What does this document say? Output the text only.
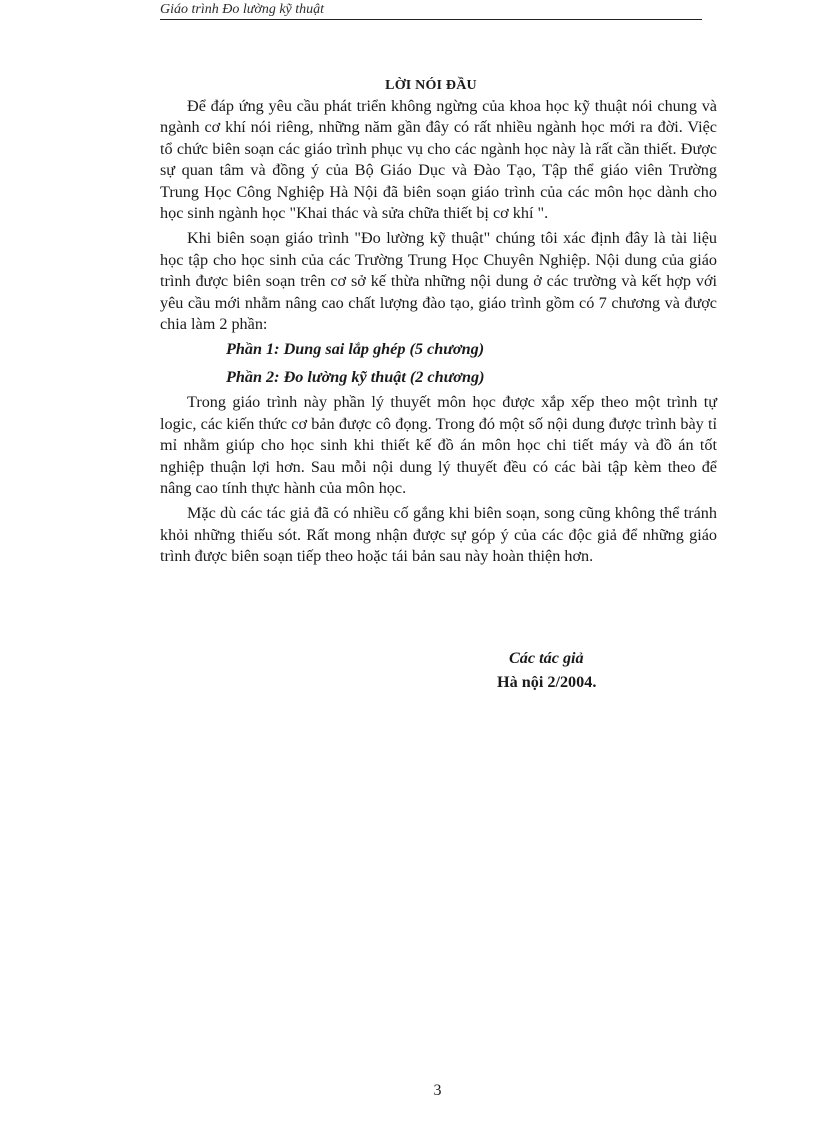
Giáo trình Đo lường kỹ thuật
LỜI NÓI ĐẦU

Để đáp ứng yêu cầu phát triển không ngừng của khoa học kỹ thuật nói chung và ngành cơ khí nói riêng, những năm gần đây có rất nhiều ngành học mới ra đời. Việc tổ chức biên soạn các giáo trình phục vụ cho các ngành học này là rất cần thiết. Được sự quan tâm và đồng ý của Bộ Giáo Dục và Đào Tạo, Tập thể giáo viên Trường Trung Học Công Nghiệp Hà Nội đã biên soạn giáo trình của các môn học dành cho học sinh ngành học "Khai thác và sửa chữa thiết bị cơ khí ".

Khi biên soạn giáo trình "Đo lường kỹ thuật" chúng tôi xác định đây là tài liệu học tập cho học sinh của các Trường Trung Học Chuyên Nghiệp. Nội dung của giáo trình được biên soạn trên cơ sở kế thừa những nội dung ở các trường và kết hợp với yêu cầu mới nhằm nâng cao chất lượng đào tạo, giáo trình gồm có 7 chương và được chia làm 2 phần:

Phần 1: Dung sai lắp ghép (5 chương)

Phần 2: Đo lường kỹ thuật (2 chương)

Trong giáo trình này phần lý thuyết môn học được xắp xếp theo một trình tự logic, các kiến thức cơ bản được cô đọng. Trong đó một số nội dung được trình bày tỉ mỉ nhằm giúp cho học sinh khi thiết kế đồ án môn học chi tiết máy và đồ án tốt nghiệp thuận lợi hơn. Sau mỗi nội dung lý thuyết đều có các bài tập kèm theo để nâng cao tính thực hành của môn học.

Mặc dù các tác giả đã có nhiều cố gắng khi biên soạn, song cũng không thể tránh khỏi những thiếu sót. Rất mong nhận được sự góp ý của các độc giả để những giáo trình được biên soạn tiếp theo hoặc tái bản sau này hoàn thiện hơn.

Các tác giả
Hà nội 2/2004.
3
